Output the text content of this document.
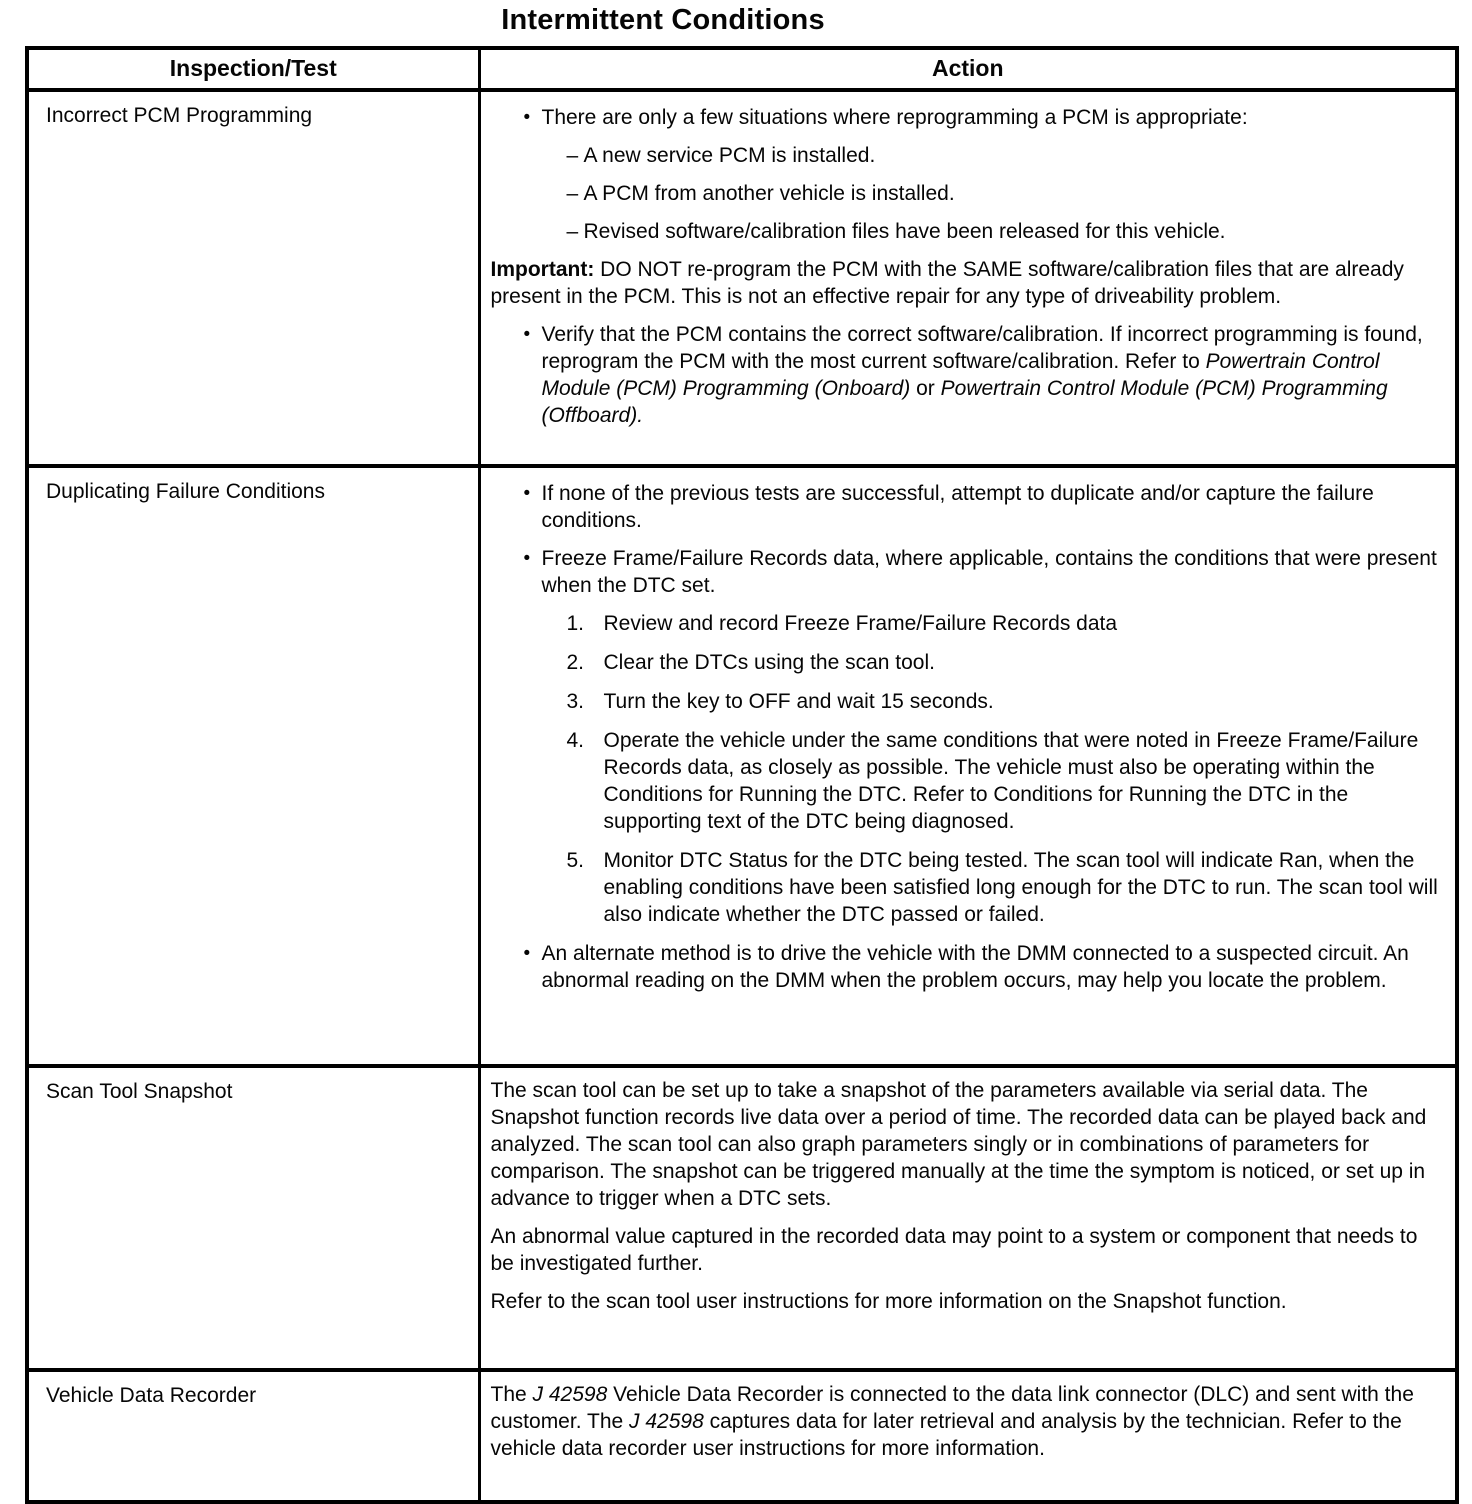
Intermittent Conditions
Inspection/Test	Action
Incorrect PCM Programming	• There are only a few situations where reprogramming a PCM is appropriate:
– A new service PCM is installed.
– A PCM from another vehicle is installed.
– Revised software/calibration files have been released for this vehicle.

Important: DO NOT re-program the PCM with the SAME software/calibration files that are already present in the PCM. This is not an effective repair for any type of driveability problem.

• Verify that the PCM contains the correct software/calibration. If incorrect programming is found, reprogram the PCM with the most current software/calibration. Refer to Powertrain Control Module (PCM) Programming (Onboard) or Powertrain Control Module (PCM) Programming (Offboard).

Duplicating Failure Conditions	• If none of the previous tests are successful, attempt to duplicate and/or capture the failure conditions.
• Freeze Frame/Failure Records data, where applicable, contains the conditions that were present when the DTC set.
1. Review and record Freeze Frame/Failure Records data
2. Clear the DTCs using the scan tool.
3. Turn the key to OFF and wait 15 seconds.
4. Operate the vehicle under the same conditions that were noted in Freeze Frame/Failure Records data, as closely as possible. The vehicle must also be operating within the Conditions for Running the DTC. Refer to Conditions for Running the DTC in the supporting text of the DTC being diagnosed.
5. Monitor DTC Status for the DTC being tested. The scan tool will indicate Ran, when the enabling conditions have been satisfied long enough for the DTC to run. The scan tool will also indicate whether the DTC passed or failed.
• An alternate method is to drive the vehicle with the DMM connected to a suspected circuit. An abnormal reading on the DMM when the problem occurs, may help you locate the problem.

Scan Tool Snapshot	The scan tool can be set up to take a snapshot of the parameters available via serial data. The Snapshot function records live data over a period of time. The recorded data can be played back and analyzed. The scan tool can also graph parameters singly or in combinations of parameters for comparison. The snapshot can be triggered manually at the time the symptom is noticed, or set up in advance to trigger when a DTC sets.

An abnormal value captured in the recorded data may point to a system or component that needs to be investigated further.

Refer to the scan tool user instructions for more information on the Snapshot function.

Vehicle Data Recorder	The J 42598 Vehicle Data Recorder is connected to the data link connector (DLC) and sent with the customer. The J 42598 captures data for later retrieval and analysis by the technician. Refer to the vehicle data recorder user instructions for more information.
